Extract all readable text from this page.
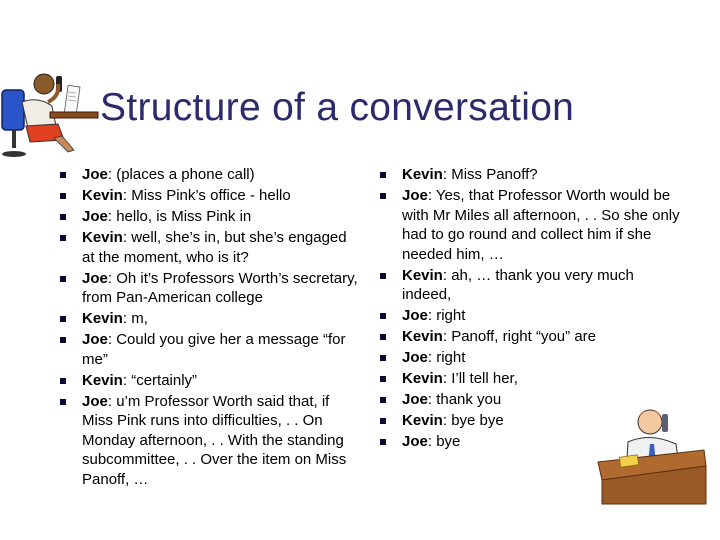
Structure of a conversation
Joe: (places a phone call)
Kevin: Miss Pink’s office - hello
Joe: hello, is Miss Pink in
Kevin: well, she’s in, but she’s engaged at the moment, who is it?
Joe: Oh it’s Professors Worth’s secretary, from Pan-American college
Kevin: m,
Joe: Could you give her a message “for me”
Kevin: “certainly”
Joe: u’m Professor Worth said that, if Miss Pink runs into difficulties, . . On Monday afternoon, . . With the standing subcommittee, . . Over the item on Miss Panoff, …
Kevin: Miss Panoff?
Joe: Yes, that Professor Worth would be with Mr Miles all afternoon, . . So she only had to go round and collect him if she needed him, …
Kevin: ah, … thank you very much indeed,
Joe: right
Kevin: Panoff, right “you” are
Joe: right
Kevin: I’ll tell her,
Joe: thank you
Kevin: bye bye
Joe: bye
